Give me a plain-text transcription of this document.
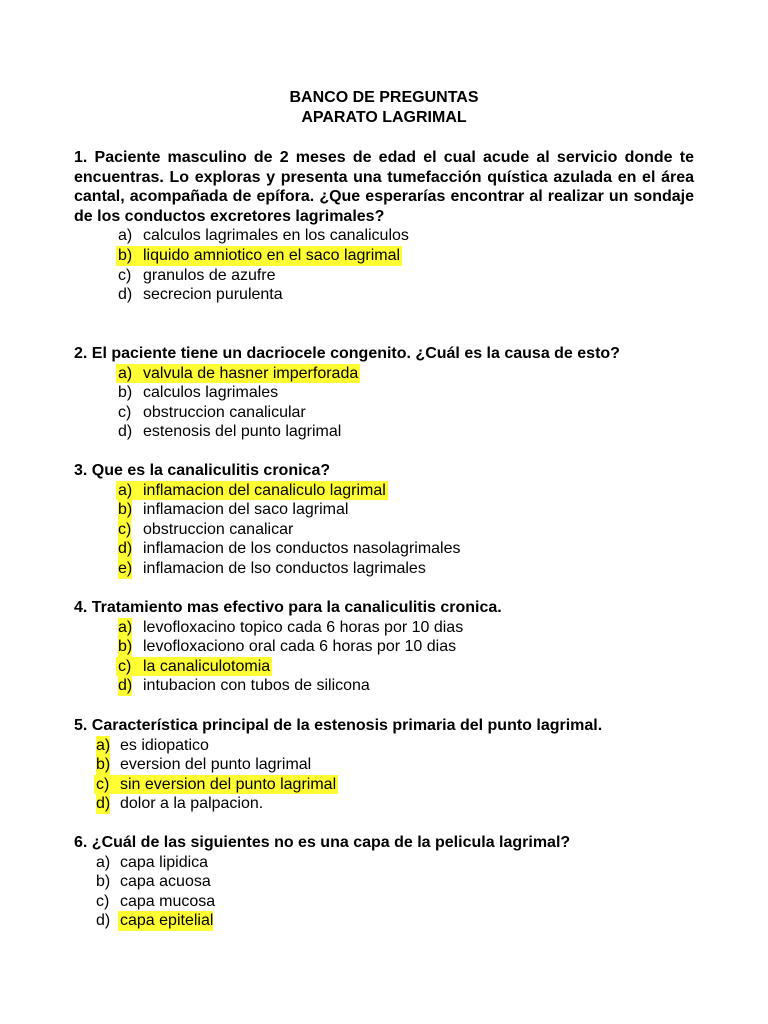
BANCO DE PREGUNTAS
APARATO LAGRIMAL

1. Paciente masculino de 2 meses de edad el cual acude al servicio donde te encuentras. Lo exploras y presenta una tumefacción quística azulada en el área cantal, acompañada de epífora. ¿Que esperarías encontrar al realizar un sondaje de los conductos excretores lagrimales?

a) calculos lagrimales en los canaliculos
b) liquido amniotico en el saco lagrimal
c) granulos de azufre
d) secrecion purulenta

2. El paciente tiene un dacriocele congenito. ¿Cuál es la causa de esto?

a) valvula de hasner imperforada
b) calculos lagrimales
c) obstruccion canalicular
d) estenosis del punto lagrimal

3. Que es la canaliculitis cronica?

a) inflamacion del canaliculo lagrimal
b) inflamacion del saco lagrimal
c) obstruccion canalicar
d) inflamacion de los conductos nasolagrimales
e) inflamacion de lso conductos lagrimales

4. Tratamiento mas efectivo para la canaliculitis cronica.

a) levofloxacino topico cada 6 horas por 10 dias
b) levofloxaciono oral cada 6 horas por 10 dias
c) la canaliculotomia
d) intubacion con tubos de silicona

5. Característica principal de la estenosis primaria del punto lagrimal.

a) es idiopatico
b) eversion del punto lagrimal
c) sin eversion del punto lagrimal
d) dolor a la palpacion.

6. ¿Cuál de las siguientes no es una capa de la pelicula lagrimal?

a) capa lipidica
b) capa acuosa
c) capa mucosa
d) capa epitelial
